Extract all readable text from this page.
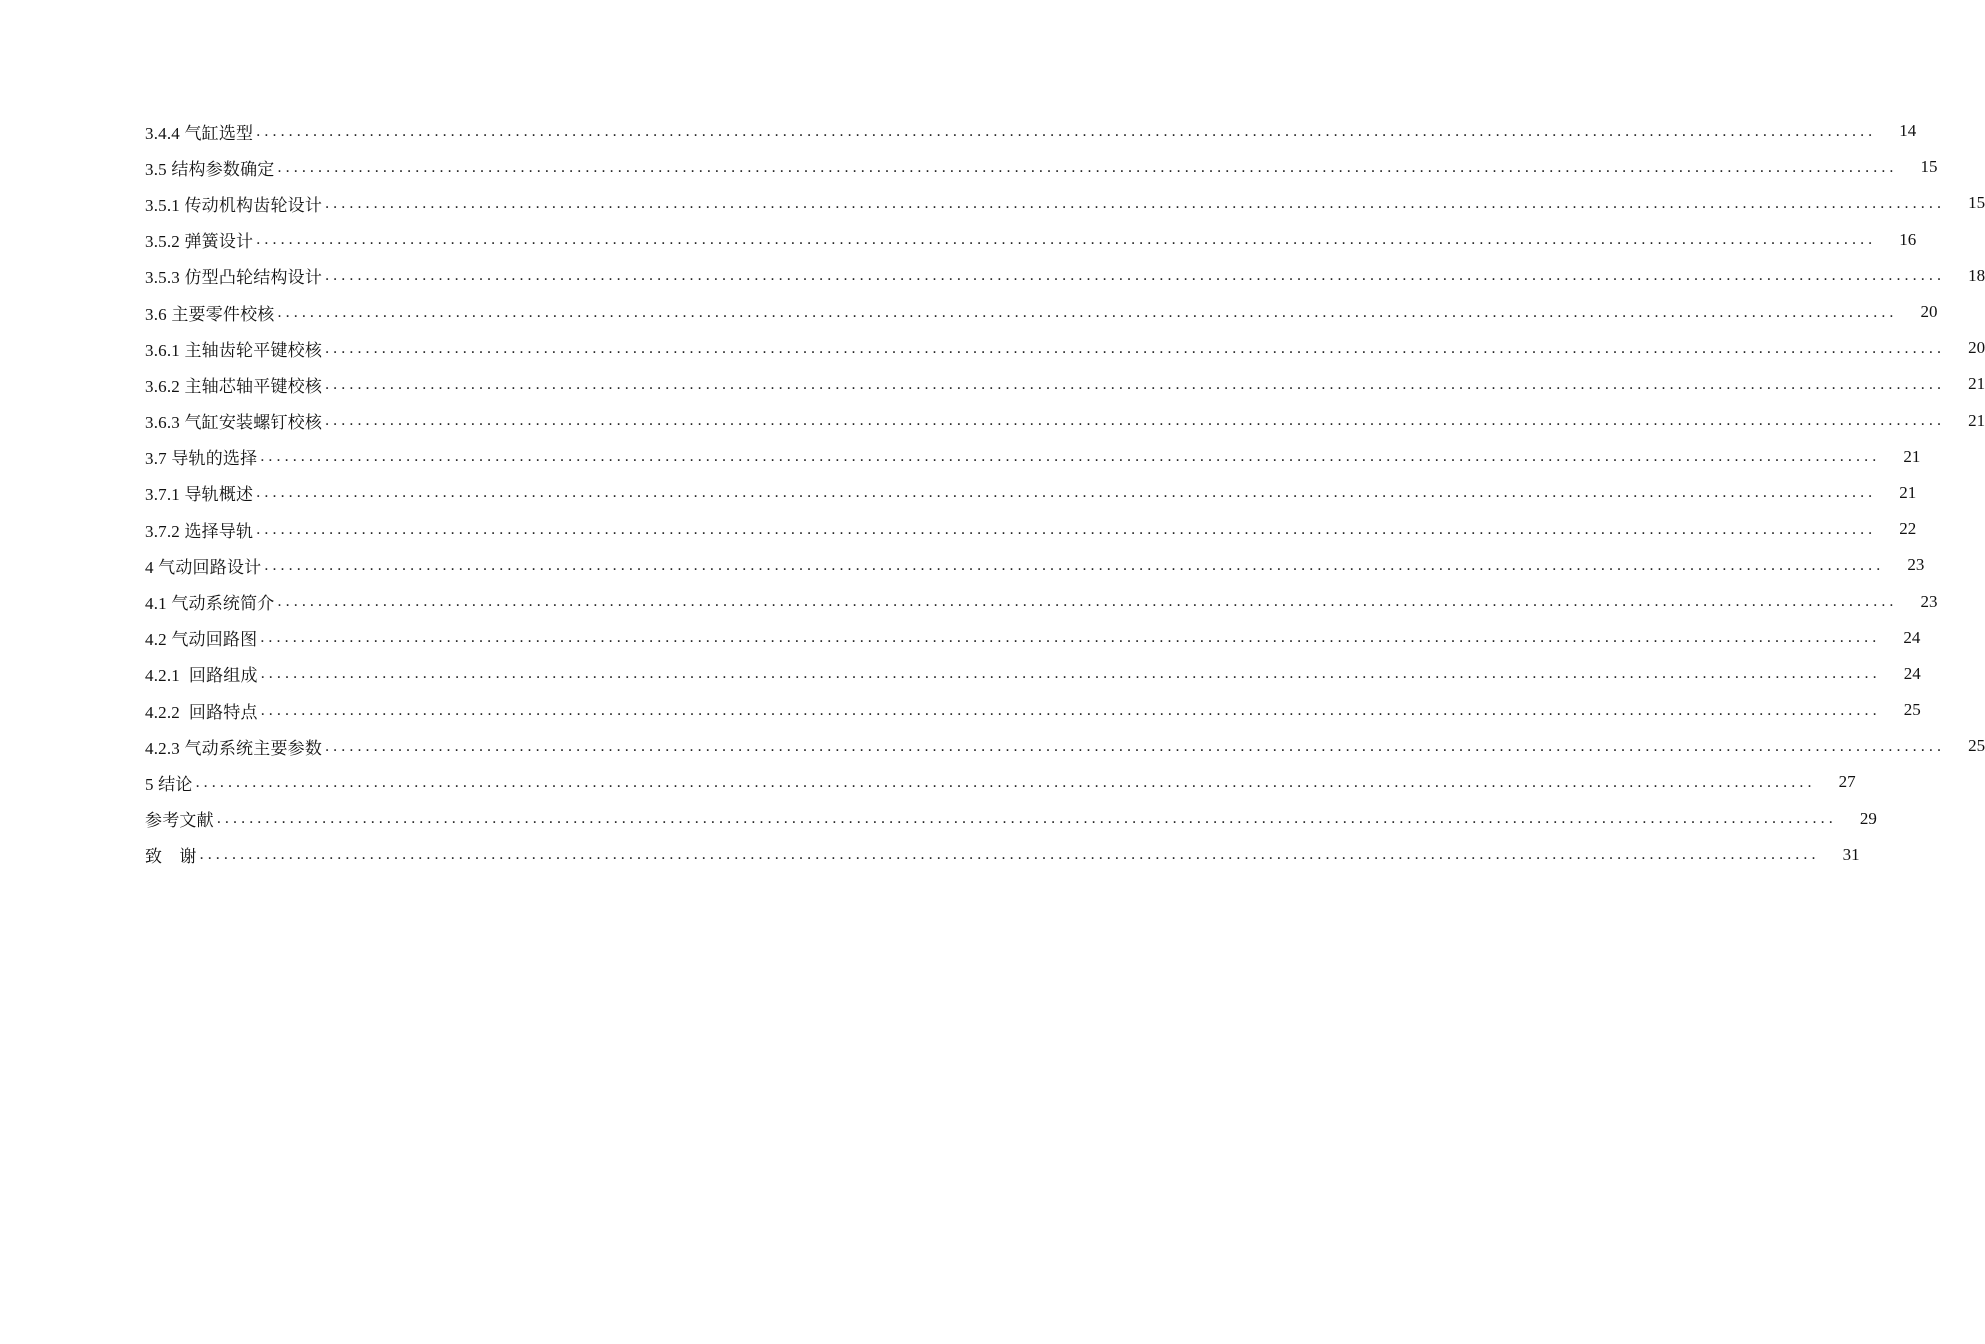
3.4.4 气缸选型 ........................................................................................................................................................................................................	14
3.5 结构参数确定 ........................................................................................................................................................................................................	15
3.5.1 传动机构齿轮设计 ........................................................................................................................................................................................................	15
3.5.2 弹簧设计 ........................................................................................................................................................................................................	16
3.5.3 仿型凸轮结构设计 ........................................................................................................................................................................................................	18
3.6 主要零件校核 ........................................................................................................................................................................................................	20
3.6.1 主轴齿轮平键校核 ........................................................................................................................................................................................................	20
3.6.2 主轴芯轴平键校核 ........................................................................................................................................................................................................	21
3.6.3 气缸安装螺钉校核 ........................................................................................................................................................................................................	21
3.7 导轨的选择 ........................................................................................................................................................................................................	21
3.7.1 导轨概述 ........................................................................................................................................................................................................	21
3.7.2 选择导轨 ........................................................................................................................................................................................................	22
4 气动回路设计 ........................................................................................................................................................................................................	23
4.1 气动系统简介 ........................................................................................................................................................................................................	23
4.2 气动回路图 ........................................................................................................................................................................................................	24
4.2.1  回路组成 ........................................................................................................................................................................................................	24
4.2.2  回路特点 ........................................................................................................................................................................................................	25
4.2.3 气动系统主要参数 ........................................................................................................................................................................................................	25
5 结论 ........................................................................................................................................................................................................	27
参考文献 ........................................................................................................................................................................................................	29
致　谢 ........................................................................................................................................................................................................	31
